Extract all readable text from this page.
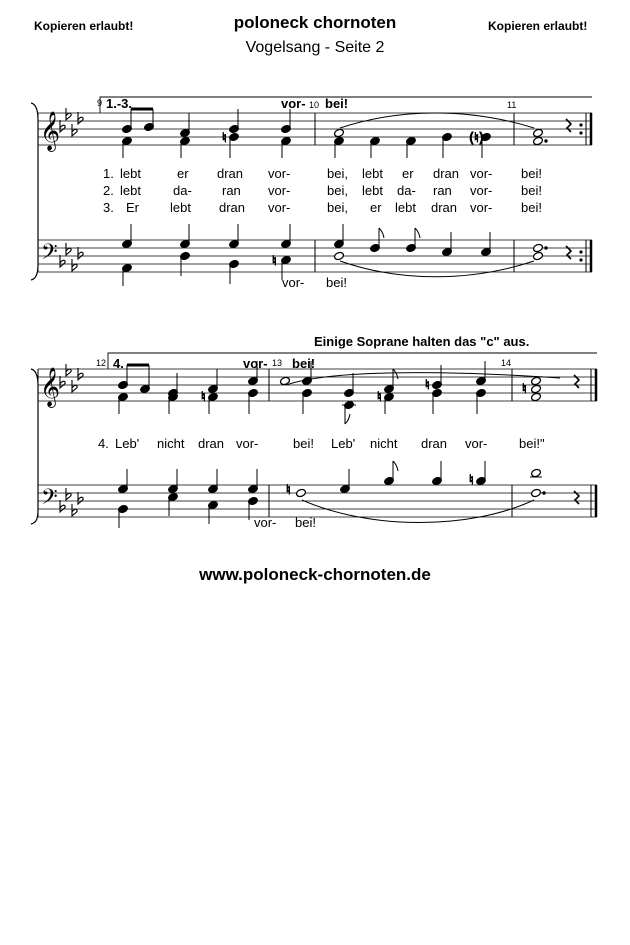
Kopieren erlaubt!	poloneck chornoten	Kopieren erlaubt!
Vogelsang - Seite 2
𝄞
𝄢
9 1.-3.	10	11
vor- bei!
♮	(♮)
1. lebt	er dran vor-	bei, lebt er dran vor- bei!
2. lebt da- ran vor-	bei, lebt da- ran vor- bei!
3. Er lebt dran vor-	bei, er lebt dran vor- bei!
♮
vor- bei!
Einige Soprane halten das "c" aus.
𝄞
𝄢
12 4.	13	14
vor- bei!
♮	♮
♮	♮
4. Leb' nicht dran vor-	bei! Leb' nicht dran vor- bei!"
♮
♮
vor- bei!
www.poloneck-chornoten.de
